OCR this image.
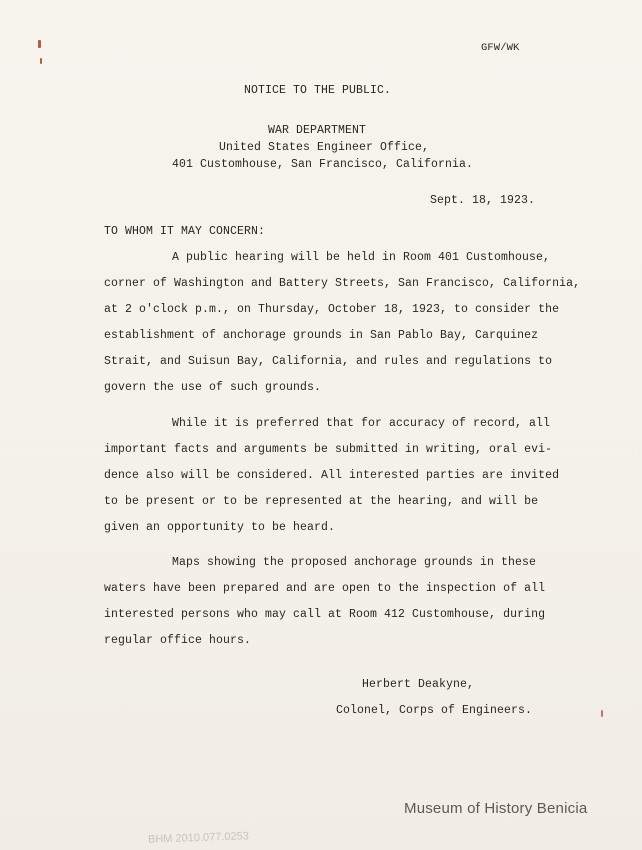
GFW/WK
NOTICE TO THE PUBLIC.
WAR DEPARTMENT
United States Engineer Office,
401 Customhouse, San Francisco, California.
Sept. 18, 1923.
TO WHOM IT MAY CONCERN:
A public hearing will be held in Room 401 Customhouse,
corner of Washington and Battery Streets, San Francisco, California,
at 2 o'clock p.m., on Thursday, October 18, 1923, to consider the
establishment of anchorage grounds in San Pablo Bay, Carquinez
Strait, and Suisun Bay, California, and rules and regulations to
govern the use of such grounds.
While it is preferred that for accuracy of record, all
important facts and arguments be submitted in writing, oral evi-
dence also will be considered. All interested parties are invited
to be present or to be represented at the hearing, and will be
given an opportunity to be heard.
Maps showing the proposed anchorage grounds in these
waters have been prepared and are open to the inspection of all
interested persons who may call at Room 412 Customhouse, during
regular office hours.
Herbert Deakyne,
Colonel, Corps of Engineers.
BHM 2010.077.0253
Museum of History Benicia
